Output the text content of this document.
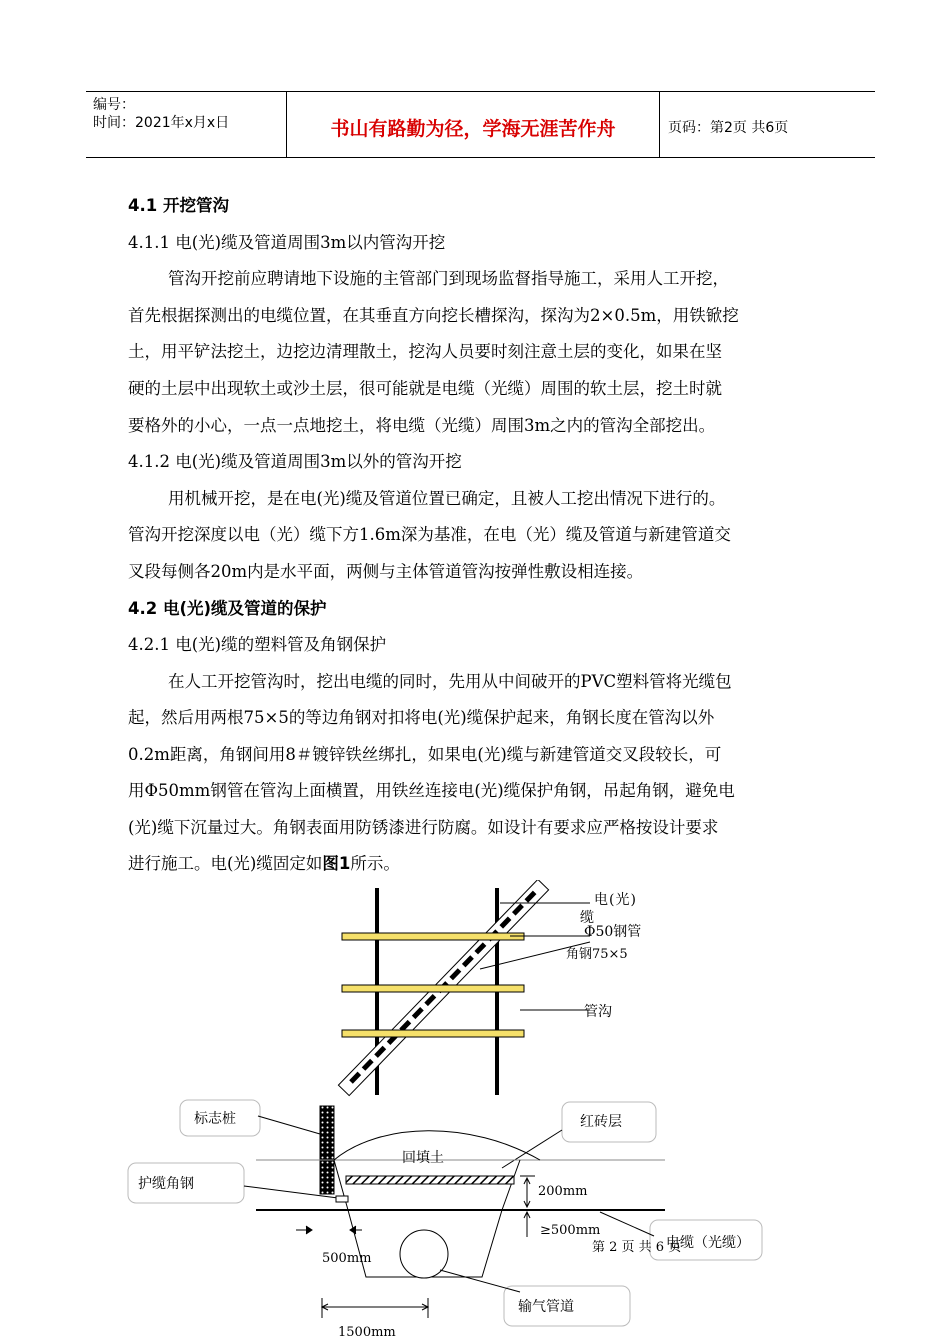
编号：
时间：2021年x月x日	书山有路勤为径，学海无涯苦作舟	页码：第2页 共6页
4.1 开挖管沟
4.1.1 电(光)缆及管道周围3m以内管沟开挖
管沟开挖前应聘请地下设施的主管部门到现场监督指导施工，采用人工开挖，
首先根据探测出的电缆位置，在其垂直方向挖长槽探沟，探沟为2×0.5m，用铁锨挖
土，用平铲法挖土，边挖边清理散土，挖沟人员要时刻注意土层的变化，如果在坚
硬的土层中出现软土或沙土层，很可能就是电缆（光缆）周围的软土层，挖土时就
要格外的小心，一点一点地挖土，将电缆（光缆）周围3m之内的管沟全部挖出。
4.1.2 电(光)缆及管道周围3m以外的管沟开挖
用机械开挖，是在电(光)缆及管道位置已确定，且被人工挖出情况下进行的。
管沟开挖深度以电（光）缆下方1.6m深为基准，在电（光）缆及管道与新建管道交
叉段每侧各20m内是水平面，两侧与主体管道管沟按弹性敷设相连接。
4.2 电(光)缆及管道的保护
4.2.1 电(光)缆的塑料管及角钢保护
在人工开挖管沟时，挖出电缆的同时，先用从中间破开的PVC塑料管将光缆包
起，然后用两根75×5的等边角钢对扣将电(光)缆保护起来，角钢长度在管沟以外
0.2m距离，角钢间用8＃镀锌铁丝绑扎，如果电(光)缆与新建管道交叉段较长，可
用Φ50mm钢管在管沟上面横置，用铁丝连接电(光)缆保护角钢，吊起角钢，避免电
(光)缆下沉量过大。角钢表面用防锈漆进行防腐。如设计有要求应严格按设计要求
进行施工。电(光)缆固定如图1所示。
电(光)
缆
Φ50钢管
角钢75×5
管沟
标志桩	红砖层
护缆角钢
回填土
200mm
≥500mm
500mm
1500mm
第 2 页 共 6 页
电缆（光缆）
输气管道
